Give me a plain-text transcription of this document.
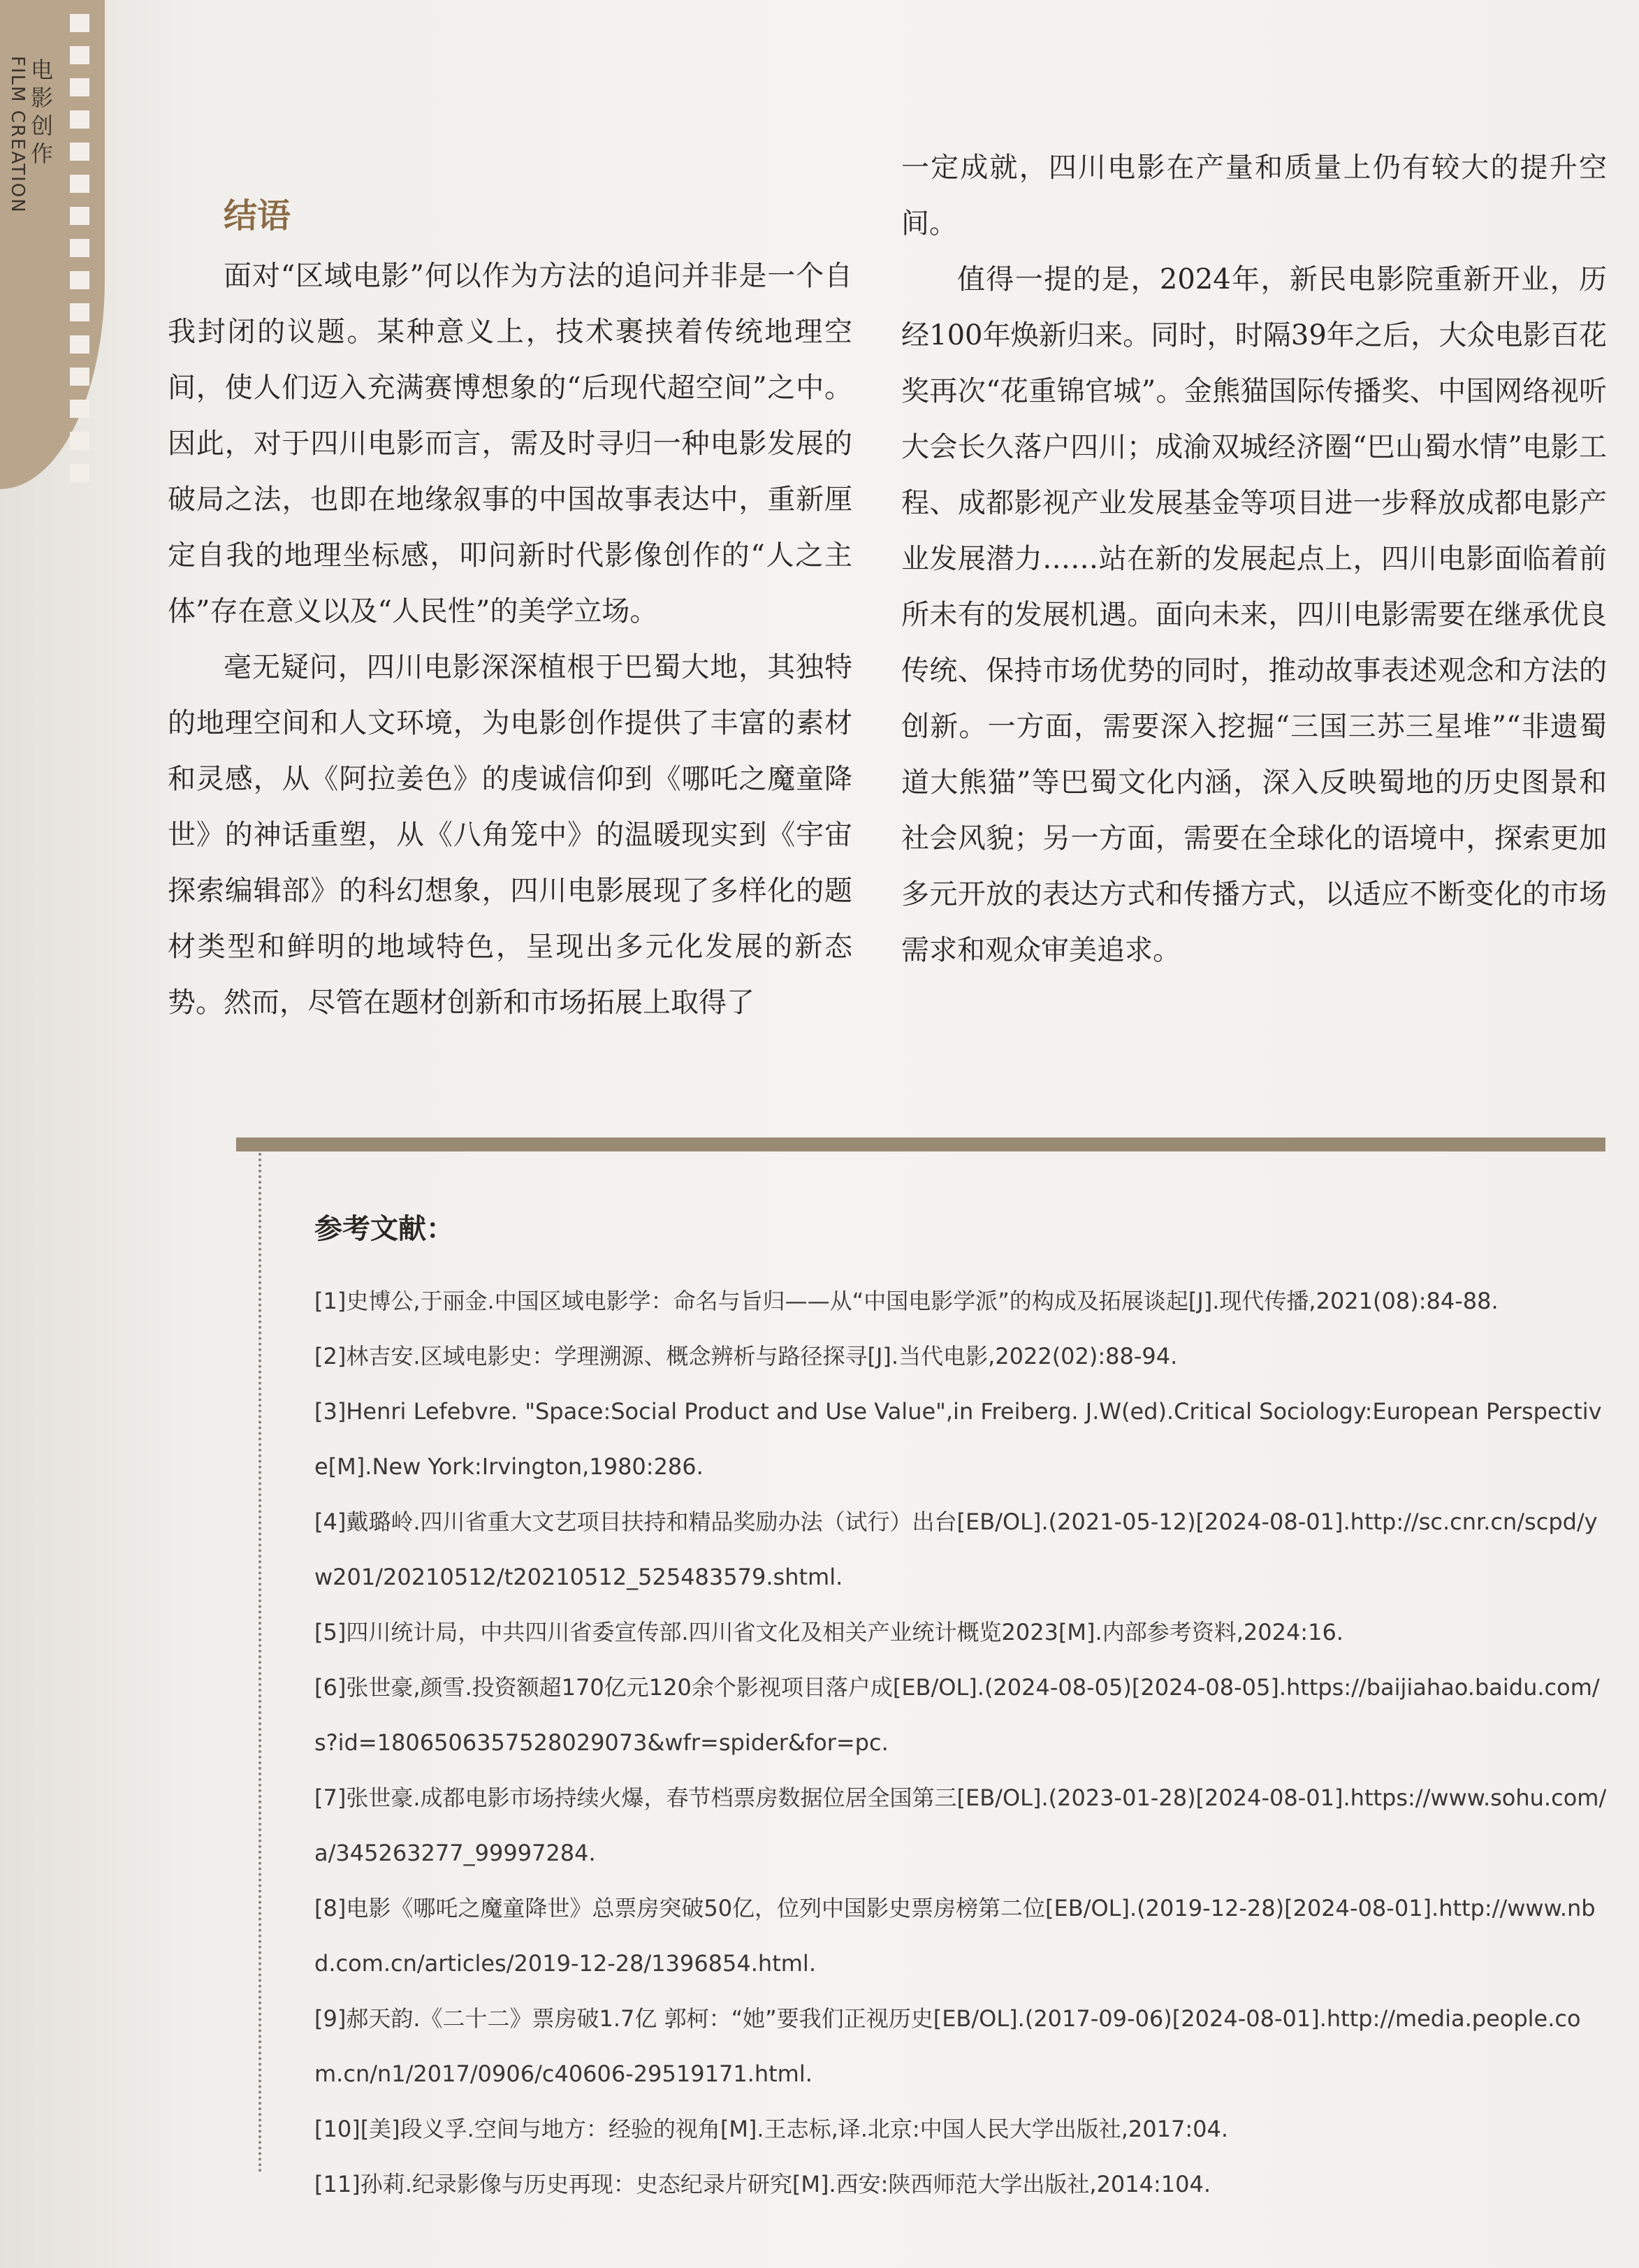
FILM CREATION 电影创作
结语

面对“区域电影”何以作为方法的追问并非是一个自我封闭的议题。某种意义上，技术裹挟着传统地理空间，使人们迈入充满赛博想象的“后现代超空间”之中。因此，对于四川电影而言，需及时寻归一种电影发展的破局之法，也即在地缘叙事的中国故事表达中，重新厘定自我的地理坐标感，叩问新时代影像创作的“人之主体”存在意义以及“人民性”的美学立场。

毫无疑问，四川电影深深植根于巴蜀大地，其独特的地理空间和人文环境，为电影创作提供了丰富的素材和灵感，从《阿拉姜色》的虔诚信仰到《哪吒之魔童降世》的神话重塑，从《八角笼中》的温暖现实到《宇宙探索编辑部》的科幻想象，四川电影展现了多样化的题材类型和鲜明的地域特色，呈现出多元化发展的新态势。然而，尽管在题材创新和市场拓展上取得了

一定成就，四川电影在产量和质量上仍有较大的提升空间。

值得一提的是，2024年，新民电影院重新开业，历经100年焕新归来。同时，时隔39年之后，大众电影百花奖再次“花重锦官城”。金熊猫国际传播奖、中国网络视听大会长久落户四川；成渝双城经济圈“巴山蜀水情”电影工程、成都影视产业发展基金等项目进一步释放成都电影产业发展潜力……站在新的发展起点上，四川电影面临着前所未有的发展机遇。面向未来，四川电影需要在继承优良传统、保持市场优势的同时，推动故事表述观念和方法的创新。一方面，需要深入挖掘“三国三苏三星堆”“非遗蜀道大熊猫”等巴蜀文化内涵，深入反映蜀地的历史图景和社会风貌；另一方面，需要在全球化的语境中，探索更加多元开放的表达方式和传播方式，以适应不断变化的市场需求和观众审美追求。

参考文献：

[1]史博公,于丽金.中国区域电影学：命名与旨归——从“中国电影学派”的构成及拓展谈起[J].现代传播,2021(08):84-88.

[2]林吉安.区域电影史：学理溯源、概念辨析与路径探寻[J].当代电影,2022(02):88-94.

[3]Henri Lefebvre. "Space:Social Product and Use Value",in Freiberg. J.W(ed).Critical Sociology:European Perspective[M].New York:Irvington,1980:286.

[4]戴璐岭.四川省重大文艺项目扶持和精品奖励办法（试行）出台[EB/OL].(2021-05-12)[2024-08-01].http://sc.cnr.cn/scpd/yw201/20210512/t20210512_525483579.shtml.

[5]四川统计局，中共四川省委宣传部.四川省文化及相关产业统计概览2023[M].内部参考资料,2024:16.

[6]张世豪,颜雪.投资额超170亿元120余个影视项目落户成[EB/OL].(2024-08-05)[2024-08-05].https://baijiahao.baidu.com/s?id=1806506357528029073&wfr=spider&for=pc.

[7]张世豪.成都电影市场持续火爆，春节档票房数据位居全国第三[EB/OL].(2023-01-28)[2024-08-01].https://www.sohu.com/a/345263277_99997284.

[8]电影《哪吒之魔童降世》总票房突破50亿，位列中国影史票房榜第二位[EB/OL].(2019-12-28)[2024-08-01].http://www.nbd.com.cn/articles/2019-12-28/1396854.html.

[9]郝天韵.《二十二》票房破1.7亿 郭柯：“她”要我们正视历史[EB/OL].(2017-09-06)[2024-08-01].http://media.people.com.cn/n1/2017/0906/c40606-29519171.html.

[10][美]段义孚.空间与地方：经验的视角[M].王志标,译.北京:中国人民大学出版社,2017:04.

[11]孙莉.纪录影像与历史再现：史态纪录片研究[M].西安:陕西师范大学出版社,2014:104.
